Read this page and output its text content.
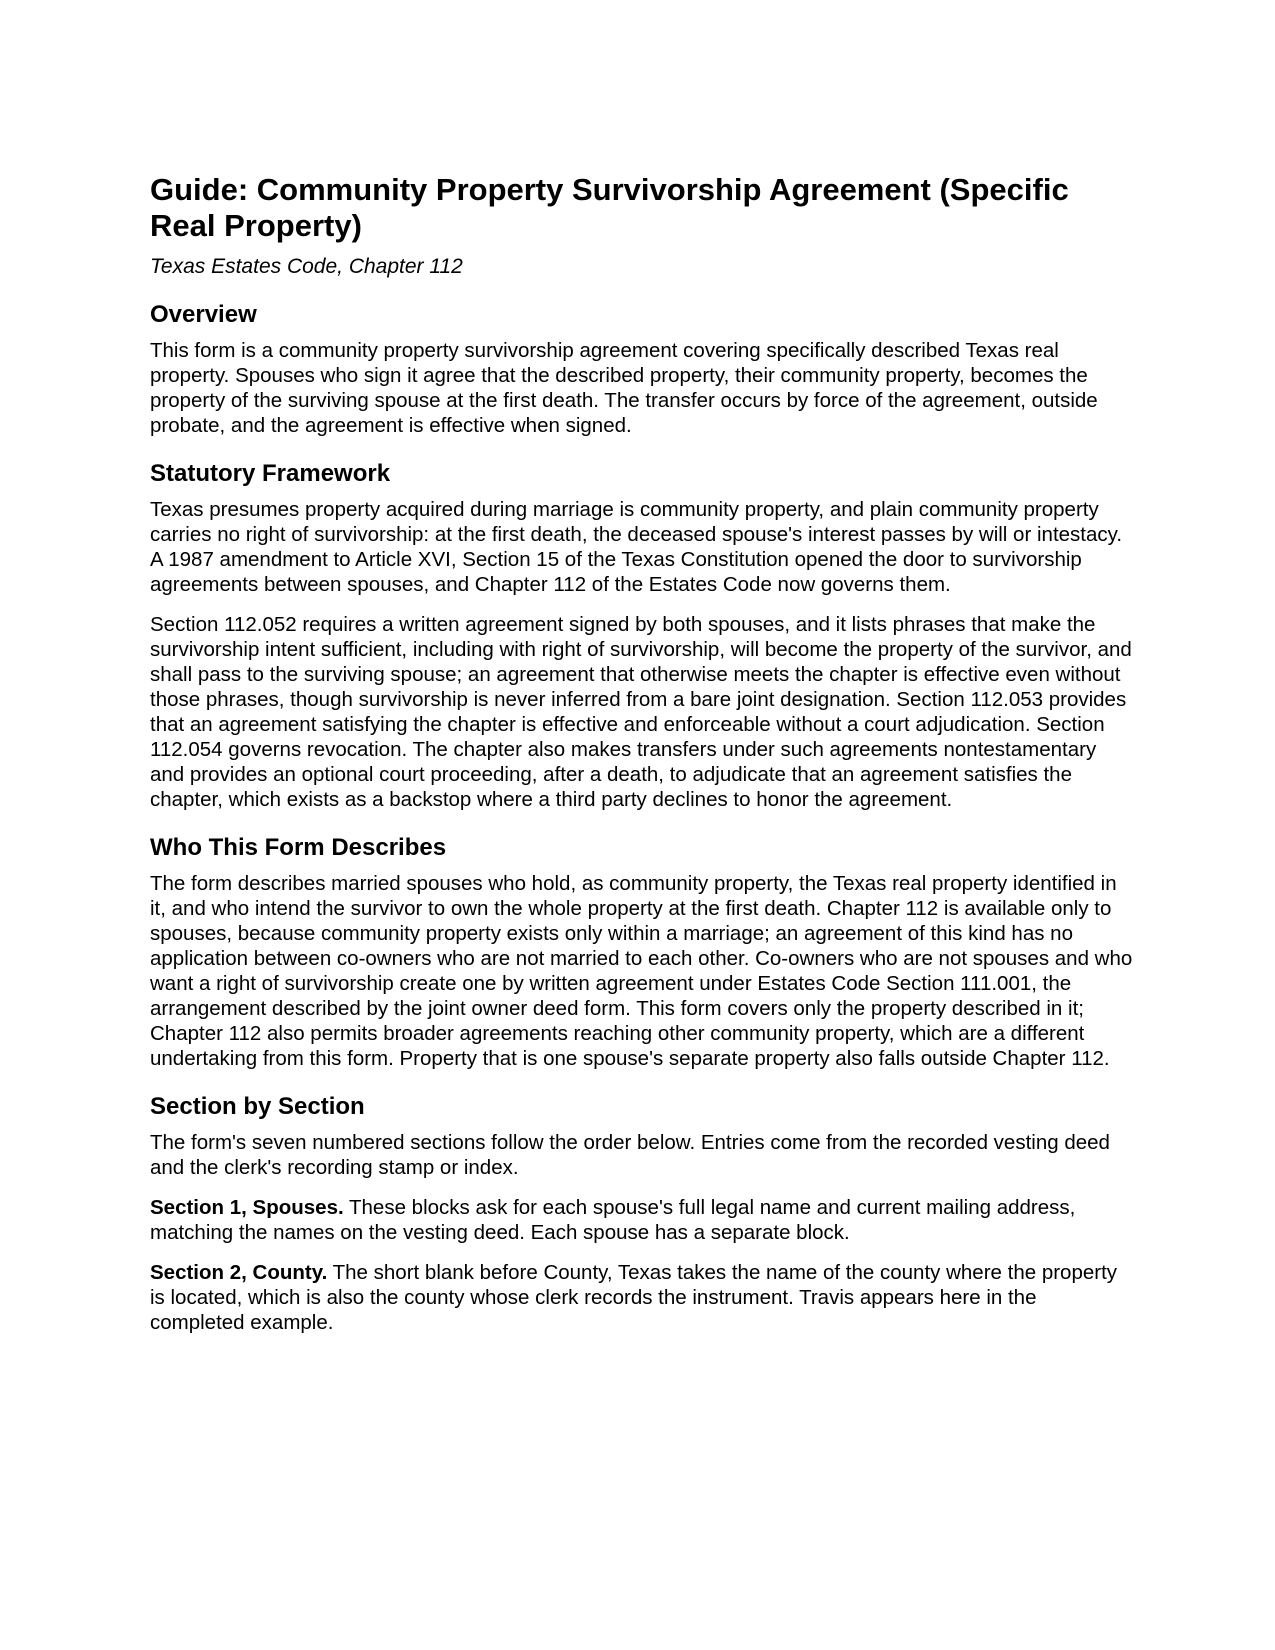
Guide: Community Property Survivorship Agreement (Specific Real Property)
Texas Estates Code, Chapter 112
Overview

This form is a community property survivorship agreement covering specifically described Texas real property. Spouses who sign it agree that the described property, their community property, becomes the property of the surviving spouse at the first death. The transfer occurs by force of the agreement, outside probate, and the agreement is effective when signed.

Statutory Framework

Texas presumes property acquired during marriage is community property, and plain community property carries no right of survivorship: at the first death, the deceased spouse's interest passes by will or intestacy. A 1987 amendment to Article XVI, Section 15 of the Texas Constitution opened the door to survivorship agreements between spouses, and Chapter 112 of the Estates Code now governs them.

Section 112.052 requires a written agreement signed by both spouses, and it lists phrases that make the survivorship intent sufficient, including with right of survivorship, will become the property of the survivor, and shall pass to the surviving spouse; an agreement that otherwise meets the chapter is effective even without those phrases, though survivorship is never inferred from a bare joint designation. Section 112.053 provides that an agreement satisfying the chapter is effective and enforceable without a court adjudication. Section 112.054 governs revocation. The chapter also makes transfers under such agreements nontestamentary and provides an optional court proceeding, after a death, to adjudicate that an agreement satisfies the chapter, which exists as a backstop where a third party declines to honor the agreement.

Who This Form Describes

The form describes married spouses who hold, as community property, the Texas real property identified in it, and who intend the survivor to own the whole property at the first death. Chapter 112 is available only to spouses, because community property exists only within a marriage; an agreement of this kind has no application between co-owners who are not married to each other. Co-owners who are not spouses and who want a right of survivorship create one by written agreement under Estates Code Section 111.001, the arrangement described by the joint owner deed form. This form covers only the property described in it; Chapter 112 also permits broader agreements reaching other community property, which are a different undertaking from this form. Property that is one spouse's separate property also falls outside Chapter 112.

Section by Section

The form's seven numbered sections follow the order below. Entries come from the recorded vesting deed and the clerk's recording stamp or index.

Section 1, Spouses. These blocks ask for each spouse's full legal name and current mailing address, matching the names on the vesting deed. Each spouse has a separate block.

Section 2, County. The short blank before County, Texas takes the name of the county where the property is located, which is also the county whose clerk records the instrument. Travis appears here in the completed example.
